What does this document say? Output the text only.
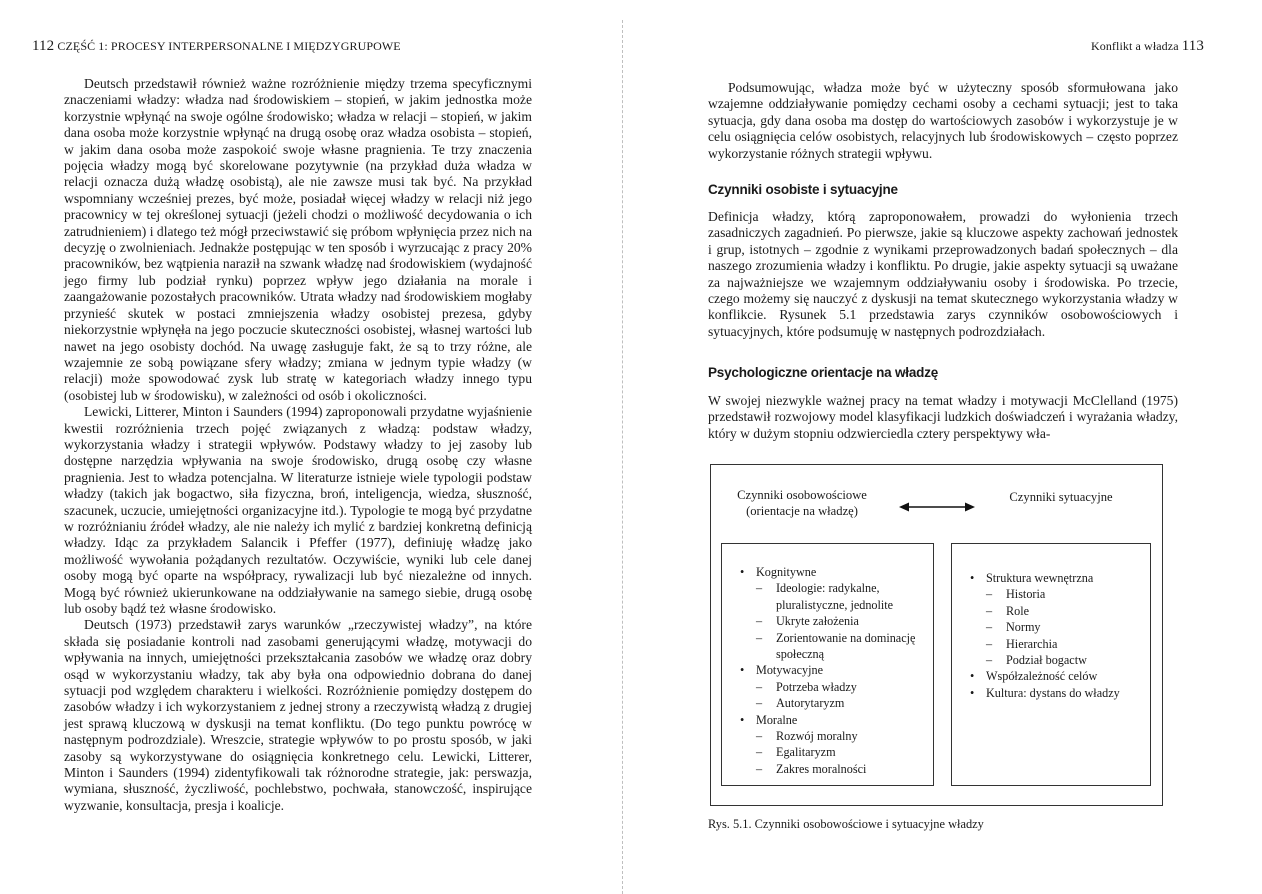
112 CZĘŚĆ 1: PROCESY INTERPERSONALNE I MIĘDZYGRUPOWE

Deutsch przedstawił również ważne rozróżnienie między trzema specyficznymi znaczeniami władzy: władza nad środowiskiem – stopień, w jakim jednostka może korzystnie wpłynąć na swoje ogólne środowisko; władza w relacji – stopień, w jakim dana osoba może korzystnie wpłynąć na drugą osobę oraz władza osobista – stopień, w jakim dana osoba może zaspokoić swoje własne pragnienia. Te trzy znaczenia pojęcia władzy mogą być skorelowane pozytywnie (na przykład duża władza w relacji oznacza dużą władzę osobistą), ale nie zawsze musi tak być. Na przykład wspomniany wcześniej prezes, być może, posiadał więcej władzy w relacji niż jego pracownicy w tej określonej sytuacji (jeżeli chodzi o możliwość decydowania o ich zatrudnieniem) i dlatego też mógł przeciwstawić się próbom wpłynięcia przez nich na decyzję o zwolnieniach. Jednakże postępując w ten sposób i wyrzucając z pracy 20% pracowników, bez wątpienia naraził na szwank władzę nad środowiskiem (wydajność jego firmy lub podział rynku) poprzez wpływ jego działania na morale i zaangażowanie pozostałych pracowników. Utrata władzy nad środowiskiem mogłaby przynieść skutek w postaci zmniejszenia władzy osobistej prezesa, gdyby niekorzystnie wpłynęła na jego poczucie skuteczności osobistej, własnej wartości lub nawet na jego osobisty dochód. Na uwagę zasługuje fakt, że są to trzy różne, ale wzajemnie ze sobą powiązane sfery władzy; zmiana w jednym typie władzy (w relacji) może spowodować zysk lub stratę w kategoriach władzy innego typu (osobistej lub w środowisku), w zależności od osób i okoliczności.

Lewicki, Litterer, Minton i Saunders (1994) zaproponowali przydatne wyjaśnienie kwestii rozróżnienia trzech pojęć związanych z władzą: podstaw władzy, wykorzystania władzy i strategii wpływów. Podstawy władzy to jej zasoby lub dostępne narzędzia wpływania na swoje środowisko, drugą osobę czy własne pragnienia. Jest to władza potencjalna. W literaturze istnieje wiele typologii podstaw władzy (takich jak bogactwo, siła fizyczna, broń, inteligencja, wiedza, słuszność, szacunek, uczucie, umiejętności organizacyjne itd.). Typologie te mogą być przydatne w rozróżnianiu źródeł władzy, ale nie należy ich mylić z bardziej konkretną definicją władzy. Idąc za przykładem Salancik i Pfeffer (1977), definiuję władzę jako możliwość wywołania pożądanych rezultatów. Oczywiście, wyniki lub cele danej osoby mogą być oparte na współpracy, rywalizacji lub być niezależne od innych. Mogą być również ukierunkowane na oddziaływanie na samego siebie, drugą osobę lub osoby bądź też własne środowisko.

Deutsch (1973) przedstawił zarys warunków „rzeczywistej władzy”, na które składa się posiadanie kontroli nad zasobami generującymi władzę, motywacji do wpływania na innych, umiejętności przekształcania zasobów we władzę oraz dobry osąd w wykorzystaniu władzy, tak aby była ona odpowiednio dobrana do danej sytuacji pod względem charakteru i wielkości. Rozróżnienie pomiędzy dostępem do zasobów władzy i ich wykorzystaniem z jednej strony a rzeczywistą władzą z drugiej jest sprawą kluczową w dyskusji na temat konfliktu. (Do tego punktu powrócę w następnym podrozdziale). Wreszcie, strategie wpływów to po prostu sposób, w jaki zasoby są wykorzystywane do osiągnięcia konkretnego celu. Lewicki, Litterer, Minton i Saunders (1994) zidentyfikowali tak różnorodne strategie, jak: perswazja, wymiana, słuszność, życzliwość, pochlebstwo, pochwała, stanowczość, inspirujące wyzwanie, konsultacja, presja i koalicje.

Konflikt a władza 113

Podsumowując, władza może być w użyteczny sposób sformułowana jako wzajemne oddziaływanie pomiędzy cechami osoby a cechami sytuacji; jest to taka sytuacja, gdy dana osoba ma dostęp do wartościowych zasobów i wykorzystuje je w celu osiągnięcia celów osobistych, relacyjnych lub środowiskowych – często poprzez wykorzystanie różnych strategii wpływu.

Czynniki osobiste i sytuacyjne

Definicja władzy, którą zaproponowałem, prowadzi do wyłonienia trzech zasadniczych zagadnień. Po pierwsze, jakie są kluczowe aspekty zachowań jednostek i grup, istotnych – zgodnie z wynikami przeprowadzonych badań społecznych – dla naszego zrozumienia władzy i konfliktu. Po drugie, jakie aspekty sytuacji są uważane za najważniejsze we wzajemnym oddziaływaniu osoby i środowiska. Po trzecie, czego możemy się nauczyć z dyskusji na temat skutecznego wykorzystania władzy w konflikcie. Rysunek 5.1 przedstawia zarys czynników osobowościowych i sytuacyjnych, które podsumuję w następnych podrozdziałach.

Psychologiczne orientacje na władzę

W swojej niezwykle ważnej pracy na temat władzy i motywacji McClelland (1975) przedstawił rozwojowy model klasyfikacji ludzkich doświadczeń i wyrażania władzy, który w dużym stopniu odzwierciedla cztery perspektywy wła-

Czynniki osobowościowe (orientacje na władzę)
Czynniki sytuacyjne
• Kognitywne
– Ideologie: radykalne, pluralistyczne, jednolite
– Ukryte założenia
– Zorientowanie na dominację społeczną
• Motywacyjne
– Potrzeba władzy
– Autorytaryzm
• Moralne
– Rozwój moralny
– Egalitaryzm
– Zakres moralności
• Struktura wewnętrzna
– Historia
– Role
– Normy
– Hierarchia
– Podział bogactw
• Współzależność celów
• Kultura: dystans do władzy
Rys. 5.1. Czynniki osobowościowe i sytuacyjne władzy
